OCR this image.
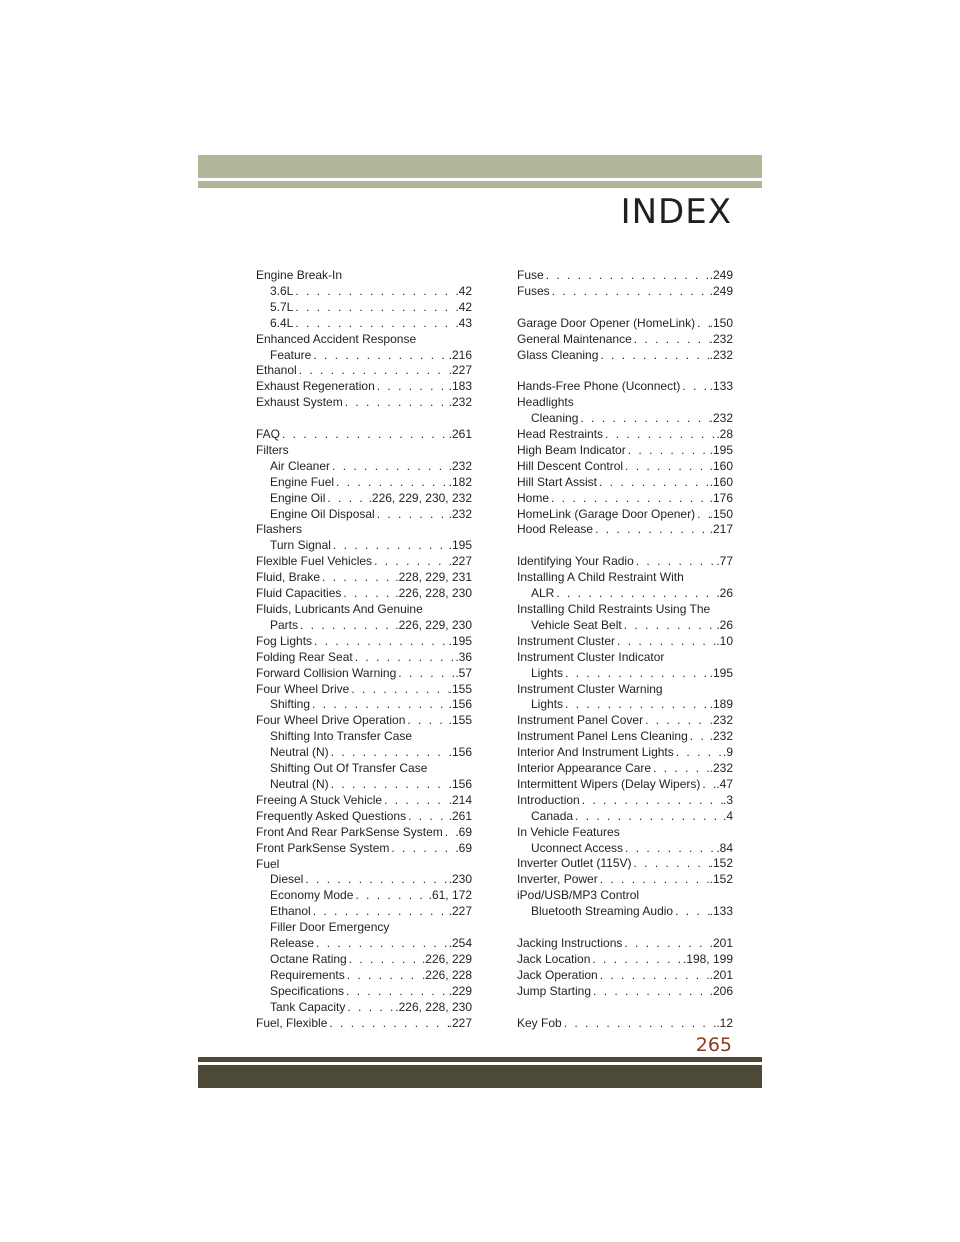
INDEX
Engine Break-In
3.6L . . .	.42
5.7L . . .	.42
6.4L . . .	.43
Enhanced Accident Response
Feature . . .	.216
Ethanol . . .	.227
Exhaust Regeneration . . .	.183
Exhaust System . . .	.232
FAQ . . .	.261
Filters
Air Cleaner . . .	.232
Engine Fuel . . .	.182
Engine Oil . . .	.226, 229, 230, 232
Engine Oil Disposal . . .	.232
Flashers
Turn Signal . . .	.195
Flexible Fuel Vehicles . . .	.227
Fluid, Brake . . .	.228, 229, 231
Fluid Capacities . . .	.226, 228, 230
Fluids, Lubricants And Genuine
Parts . . .	.226, 229, 230
Fog Lights . . .	.195
Folding Rear Seat . . .	.36
Forward Collision Warning . . .	.57
Four Wheel Drive . . .	.155
Shifting . . .	.156
Four Wheel Drive Operation . . .	.155
Shifting Into Transfer Case
Neutral (N) . . .	.156
Shifting Out Of Transfer Case
Neutral (N) . . .	.156
Freeing A Stuck Vehicle . . .	.214
Frequently Asked Questions . . .	.261
Front And Rear ParkSense System . . . .69
Front ParkSense System . . .	.69
Fuel
Diesel . . .	.230
Economy Mode . . .	.61, 172
Ethanol . . .	.227
Filler Door Emergency
Release . . .	.254
Octane Rating . . .	.226, 229
Requirements . . .	.226, 228
Specifications . . .	.229
Tank Capacity . . .	.226, 228, 230
Fuel, Flexible . . .	.227
Fuse . . .	.249
Fuses . . .	.249
Garage Door Opener (HomeLink) . . . .150
General Maintenance . . .	.232
Glass Cleaning . . .	.232
Hands-Free Phone (Uconnect) . . . .133
Headlights
Cleaning . . .	.232
Head Restraints . . .	.28
High Beam Indicator . . .	.195
Hill Descent Control . . .	.160
Hill Start Assist . . .	.160
Home . . .	.176
HomeLink (Garage Door Opener) . . . .150
Hood Release . . .	.217
Identifying Your Radio . . .	.77
Installing A Child Restraint With
ALR . . .	.26
Installing Child Restraints Using The
Vehicle Seat Belt . . .	.26
Instrument Cluster . . .	.10
Instrument Cluster Indicator
Lights . . .	.195
Instrument Cluster Warning
Lights . . .	.189
Instrument Panel Cover . . .	.232
Instrument Panel Lens Cleaning . . . .232
Interior And Instrument Lights . . .	.9
Interior Appearance Care . . .	.232
Intermittent Wipers (Delay Wipers) . . . .47
Introduction . . .	.3
Canada . . .	.4
In Vehicle Features
Uconnect Access . . .	.84
Inverter Outlet (115V) . . .	.152
Inverter, Power . . .	.152
iPod/USB/MP3 Control
Bluetooth Streaming Audio . . .	.133
Jacking Instructions . . .	.201
Jack Location . . .	.198, 199
Jack Operation . . .	.201
Jump Starting . . .	.206
Key Fob . . .	.12
265
